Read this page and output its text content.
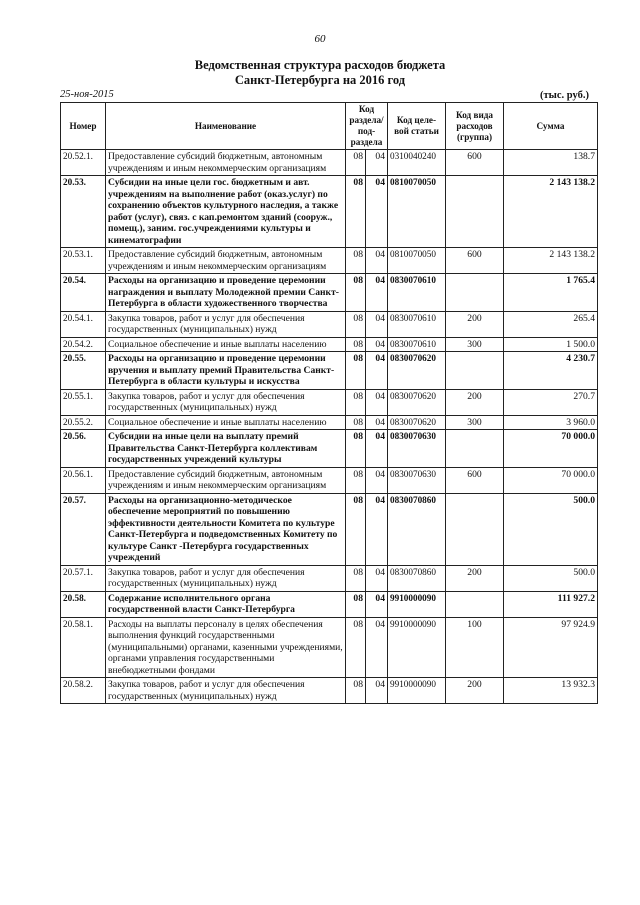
60
Ведомственная структура расходов бюджета
Санкт-Петербурга на 2016 год
25-ноя-2015	(тыс. руб.)
Номер	Наименование	Код раздела/ под-раздела		Код целе-вой статьи	Код вида расходов (группа)	Сумма
20.52.1.	Предоставление субсидий бюджетным, автономным учреждениям и иным некоммерческим организациям	08	04	0310040240	600	138.7
20.53.	Субсидии на иные цели гос. бюджетным и авт. учреждениям на выполнение работ (оказ.услуг) по сохранению объектов культурного наследия, а также работ (услуг), связ. с кап.ремонтом зданий (сооруж., помещ.), заним. гос.учреждениями культуры и кинематографии	08	04	0810070050		2 143 138.2
20.53.1.	Предоставление субсидий бюджетным, автономным учреждениям и иным некоммерческим организациям	08	04	0810070050	600	2 143 138.2
20.54.	Расходы на организацию и проведение церемонии награждения и выплату Молодежной премии Санкт-Петербурга в области художественного творчества	08	04	0830070610		1 765.4
20.54.1.	Закупка товаров, работ и услуг для обеспечения государственных (муниципальных) нужд	08	04	0830070610	200	265.4
20.54.2.	Социальное обеспечение и иные выплаты населению	08	04	0830070610	300	1 500.0
20.55.	Расходы на организацию и проведение церемонии вручения и выплату премий Правительства Санкт-Петербурга в области культуры и искусства	08	04	0830070620		4 230.7
20.55.1.	Закупка товаров, работ и услуг для обеспечения государственных (муниципальных) нужд	08	04	0830070620	200	270.7
20.55.2.	Социальное обеспечение и иные выплаты населению	08	04	0830070620	300	3 960.0
20.56.	Субсидии на иные цели на выплату премий Правительства Санкт-Петербурга коллективам государственных учреждений культуры	08	04	0830070630		70 000.0
20.56.1.	Предоставление субсидий бюджетным, автономным учреждениям и иным некоммерческим организациям	08	04	0830070630	600	70 000.0
20.57.	Расходы на организационно-методическое обеспечение мероприятий по повышению эффективности деятельности Комитета по культуре Санкт-Петербурга и подведомственных Комитету по культуре Санкт -Петербурга государственных учреждений	08	04	0830070860		500.0
20.57.1.	Закупка товаров, работ и услуг для обеспечения государственных (муниципальных) нужд	08	04	0830070860	200	500.0
20.58.	Содержание исполнительного органа государственной власти Санкт-Петербурга	08	04	9910000090		111 927.2
20.58.1.	Расходы на выплаты персоналу в целях обеспечения выполнения функций государственными (муниципальными) органами, казенными учреждениями, органами управления государственными внебюджетными фондами	08	04	9910000090	100	97 924.9
20.58.2.	Закупка товаров, работ и услуг для обеспечения государственных (муниципальных) нужд	08	04	9910000090	200	13 932.3
